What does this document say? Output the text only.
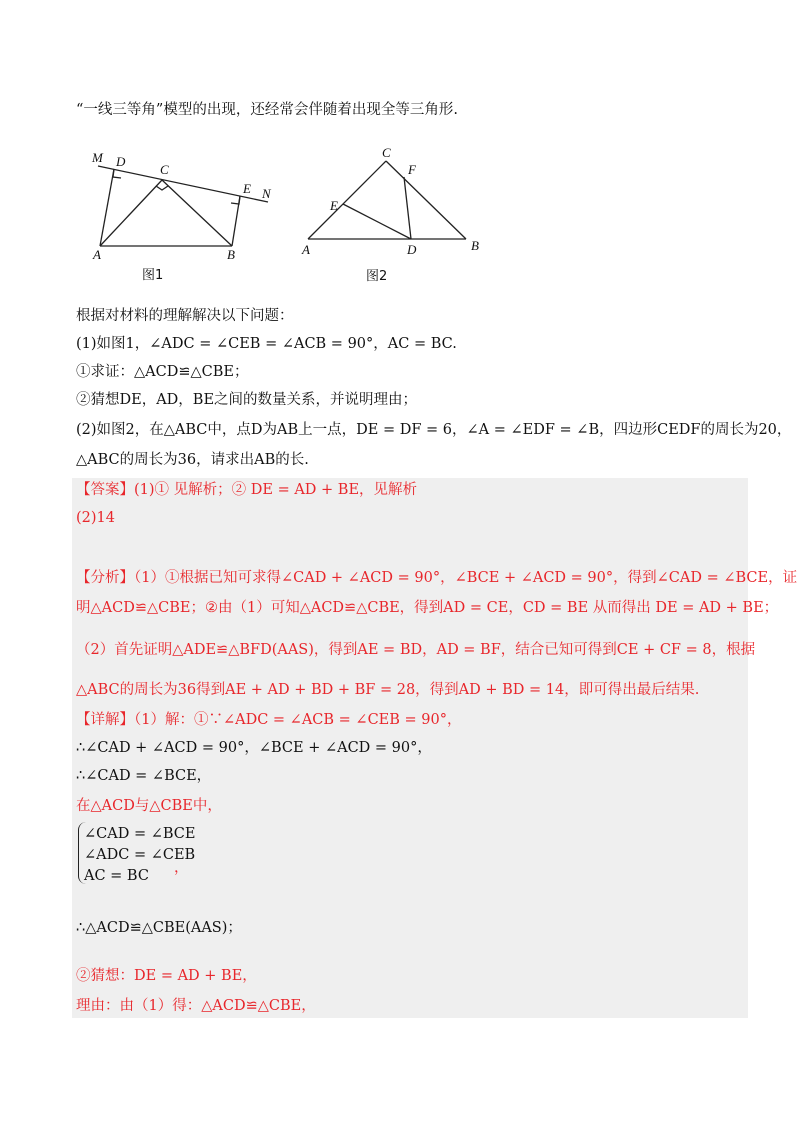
“一线三等角”模型的出现，还经常会伴随着出现全等三角形.
M D
C
E N
A	B
图1
C
F
E
A	D	B
图2
根据对材料的理解解决以下问题：
(1)如图1，∠ADC = ∠CEB = ∠ACB = 90°，AC = BC.
①求证：△ACD≌△CBE；
②猜想DE，AD，BE之间的数量关系，并说明理由；
(2)如图2，在△ABC中，点D为AB上一点，DE = DF = 6，∠A = ∠EDF = ∠B，四边形CEDF的周长为20，
△ABC的周长为36，请求出AB的长.
【答案】(1)① 见解析；② DE = AD + BE，见解析
(2)14
【分析】（1）①根据已知可求得∠CAD + ∠ACD = 90°，∠BCE + ∠ACD = 90°，得到∠CAD = ∠BCE，证
明△ACD≌△CBE；②由（1）可知△ACD≌△CBE，得到AD = CE，CD = BE 从而得出 DE = AD + BE；
（2）首先证明△ADE≌△BFD(AAS)，得到AE = BD，AD = BF，结合已知可得到CE + CF = 8，根据
△ABC的周长为36得到AE + AD + BD + BF = 28，得到AD + BD = 14，即可得出最后结果.
【详解】（1）解：①∵∠ADC = ∠ACB = ∠CEB = 90°，
∴∠CAD + ∠ACD = 90°，∠BCE + ∠ACD = 90°，
∴∠CAD = ∠BCE，
在△ACD与△CBE中，
∠CAD = ∠BCE
∠ADC = ∠CEB
AC = BC ，
∴△ACD≌△CBE(AAS)；
②猜想：DE = AD + BE，
理由：由（1）得：△ACD≌△CBE，
